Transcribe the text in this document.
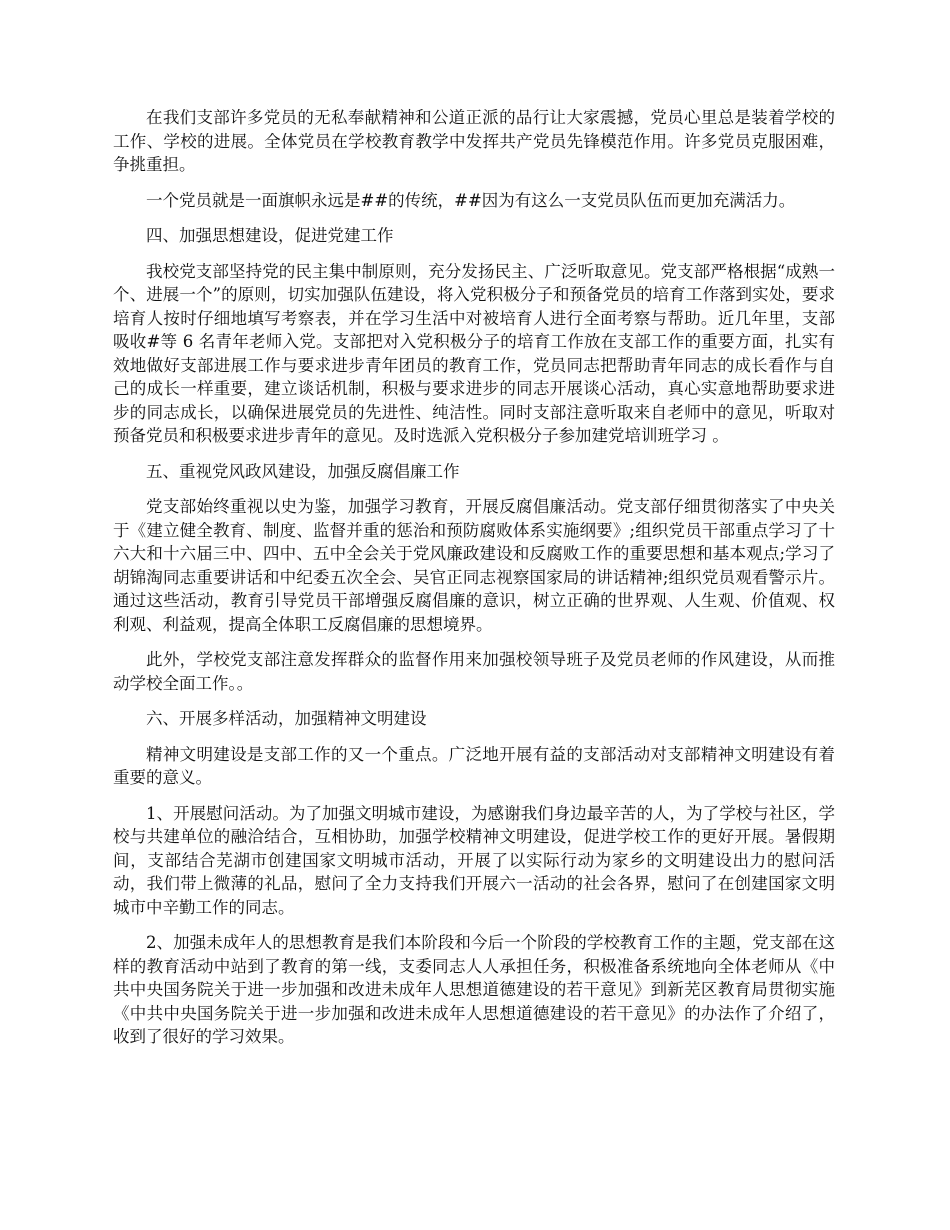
在我们支部许多党员的无私奉献精神和公道正派的品行让大家震撼，党员心里总是装着学校的工作、学校的进展。全体党员在学校教育教学中发挥共产党员先锋模范作用。许多党员克服困难，争挑重担。

一个党员就是一面旗帜永远是##的传统，##因为有这么一支党员队伍而更加充满活力。

四、加强思想建设，促进党建工作

我校党支部坚持党的民主集中制原则，充分发扬民主、广泛听取意见。党支部严格根据“成熟一个、进展一个”的原则，切实加强队伍建设，将入党积极分子和预备党员的培育工作落到实处，要求培育人按时仔细地填写考察表，并在学习生活中对被培育人进行全面考察与帮助。近几年里，支部吸收#等 6 名青年老师入党。支部把对入党积极分子的培育工作放在支部工作的重要方面，扎实有效地做好支部进展工作与要求进步青年团员的教育工作，党员同志把帮助青年同志的成长看作与自己的成长一样重要，建立谈话机制，积极与要求进步的同志开展谈心活动，真心实意地帮助要求进步的同志成长，以确保进展党员的先进性、纯洁性。同时支部注意听取来自老师中的意见，听取对预备党员和积极要求进步青年的意见。及时选派入党积极分子参加建党培训班学习 。

五、重视党风政风建设，加强反腐倡廉工作

党支部始终重视以史为鉴，加强学习教育，开展反腐倡廉活动。党支部仔细贯彻落实了中央关于《建立健全教育、制度、监督并重的惩治和预防腐败体系实施纲要》;组织党员干部重点学习了十六大和十六届三中、四中、五中全会关于党风廉政建设和反腐败工作的重要思想和基本观点;学习了胡锦淘同志重要讲话和中纪委五次全会、吴官正同志视察国家局的讲话精神;组织党员观看警示片。通过这些活动，教育引导党员干部增强反腐倡廉的意识，树立正确的世界观、人生观、价值观、权利观、利益观，提高全体职工反腐倡廉的思想境界。

此外，学校党支部注意发挥群众的监督作用来加强校领导班子及党员老师的作风建设，从而推动学校全面工作。。

六、开展多样活动，加强精神文明建设

精神文明建设是支部工作的又一个重点。广泛地开展有益的支部活动对支部精神文明建设有着重要的意义。

1、开展慰问活动。为了加强文明城市建设，为感谢我们身边最辛苦的人，为了学校与社区，学校与共建单位的融洽结合，互相协助，加强学校精神文明建设，促进学校工作的更好开展。暑假期间，支部结合芜湖市创建国家文明城市活动，开展了以实际行动为家乡的文明建设出力的慰问活动，我们带上微薄的礼品，慰问了全力支持我们开展六一活动的社会各界，慰问了在创建国家文明城市中辛勤工作的同志。

2、加强未成年人的思想教育是我们本阶段和今后一个阶段的学校教育工作的主题，党支部在这样的教育活动中站到了教育的第一线，支委同志人人承担任务，积极准备系统地向全体老师从《中共中央国务院关于进一步加强和改进未成年人思想道德建设的若干意见》到新芜区教育局贯彻实施《中共中央国务院关于进一步加强和改进未成年人思想道德建设的若干意见》的办法作了介绍了，收到了很好的学习效果。
